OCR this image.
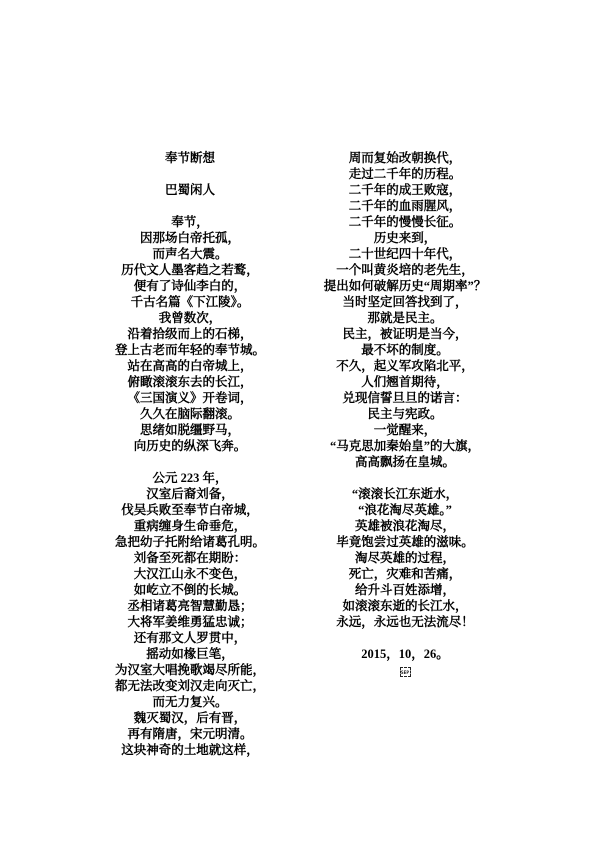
奉节断想

巴蜀闲人

奉节，
因那场白帝托孤，
而声名大震。
历代文人墨客趋之若鹜，
便有了诗仙李白的，
千古名篇《下江陵》。
我曾数次，
沿着拾级而上的石梯，
登上古老而年轻的奉节城。
站在高高的白帝城上，
俯瞰滚滚东去的长江，
《三国演义》开卷词，
久久在脑际翻滚。
思绪如脱缰野马，
向历史的纵深飞奔。

公元 223 年，
汉室后裔刘备，
伐吴兵败至奉节白帝城，
重病缠身生命垂危，
急把幼子托附给诸葛孔明。
刘备至死都在期盼：
大汉江山永不变色，
如屹立不倒的长城。
丞相诸葛亮智慧勤恳；
大将军姜维勇猛忠诚；
还有那文人罗贯中，
摇动如椽巨笔，
为汉室大唱挽歌竭尽所能，
都无法改变刘汉走向灭亡，
而无力复兴。
魏灭蜀汉，后有晋，
再有隋唐，宋元明清。
这块神奇的土地就这样，
周而复始改朝换代，
走过二千年的历程。
二千年的成王败寇，
二千年的血雨腥风，
二千年的慢慢长征。
历史来到，
二十世纪四十年代，
一个叫黄炎培的老先生，
提出如何破解历史“周期率”？
当时坚定回答找到了，
那就是民主。
民主，被证明是当今，
最不坏的制度。
不久，起义军攻陷北平，
人们翘首期待，
兑现信誓旦旦的诺言：
民主与宪政。
一觉醒来，
“马克思加秦始皇”的大旗，
高高飘扬在皇城。

“滚滚长江东逝水，
“浪花淘尽英雄。”
英雄被浪花淘尽，
毕竟饱尝过英雄的滋味。
淘尽英雄的过程，
死亡，灾难和苦痛，
给升斗百姓添增，
如滚滚东逝的长江水，
永远，永远也无法流尽！

2015，10，26。
SEP
